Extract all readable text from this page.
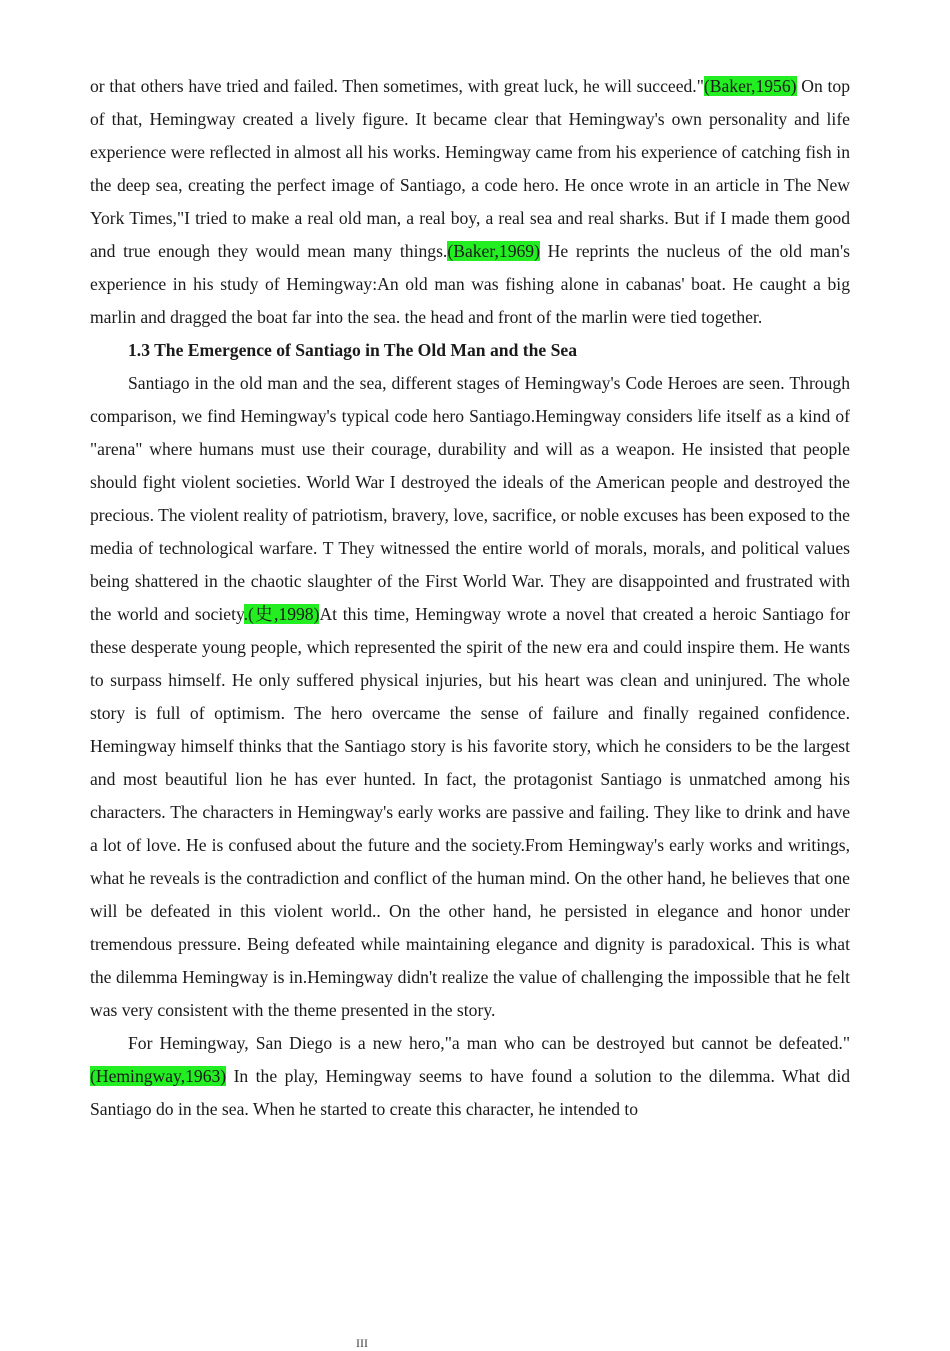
or that others have tried and failed. Then sometimes, with great luck, he will succeed."(Baker,1956) On top of that, Hemingway created a lively figure. It became clear that Hemingway's own personality and life experience were reflected in almost all his works. Hemingway came from his experience of catching fish in the deep sea, creating the perfect image of Santiago, a code hero. He once wrote in an article in The New York Times,"I tried to make a real old man, a real boy, a real sea and real sharks. But if I made them good and true enough they would mean many things.(Baker,1969) He reprints the nucleus of the old man's experience in his study of Hemingway:An old man was fishing alone in cabanas' boat. He caught a big marlin and dragged the boat far into the sea. the head and front of the marlin were tied together.

1.3 The Emergence of Santiago in The Old Man and the Sea

Santiago in the old man and the sea, different stages of Hemingway's Code Heroes are seen. Through comparison, we find Hemingway's typical code hero Santiago.Hemingway considers life itself as a kind of "arena" where humans must use their courage, durability and will as a weapon. He insisted that people should fight violent societies. World War I destroyed the ideals of the American people and destroyed the precious. The violent reality of patriotism, bravery, love, sacrifice, or noble excuses has been exposed to the media of technological warfare. T They witnessed the entire world of morals, morals, and political values being shattered in the chaotic slaughter of the First World War. They are disappointed and frustrated with the world and society.(史,1998)At this time, Hemingway wrote a novel that created a heroic Santiago for these desperate young people, which represented the spirit of the new era and could inspire them. He wants to surpass himself. He only suffered physical injuries, but his heart was clean and uninjured. The whole story is full of optimism. The hero overcame the sense of failure and finally regained confidence. Hemingway himself thinks that the Santiago story is his favorite story, which he considers to be the largest and most beautiful lion he has ever hunted. In fact, the protagonist Santiago is unmatched among his characters. The characters in Hemingway's early works are passive and failing. They like to drink and have a lot of love. He is confused about the future and the society.From Hemingway's early works and writings, what he reveals is the contradiction and conflict of the human mind. On the other hand, he believes that one will be defeated in this violent world.. On the other hand, he persisted in elegance and honor under tremendous pressure. Being defeated while maintaining elegance and dignity is paradoxical. This is what the dilemma Hemingway is in.Hemingway didn't realize the value of challenging the impossible that he felt was very consistent with the theme presented in the story.

For Hemingway, San Diego is a new hero,"a man who can be destroyed but cannot be defeated."(Hemingway,1963) In the play, Hemingway seems to have found a solution to the dilemma. What did Santiago do in the sea. When he started to create this character, he intended to

III
